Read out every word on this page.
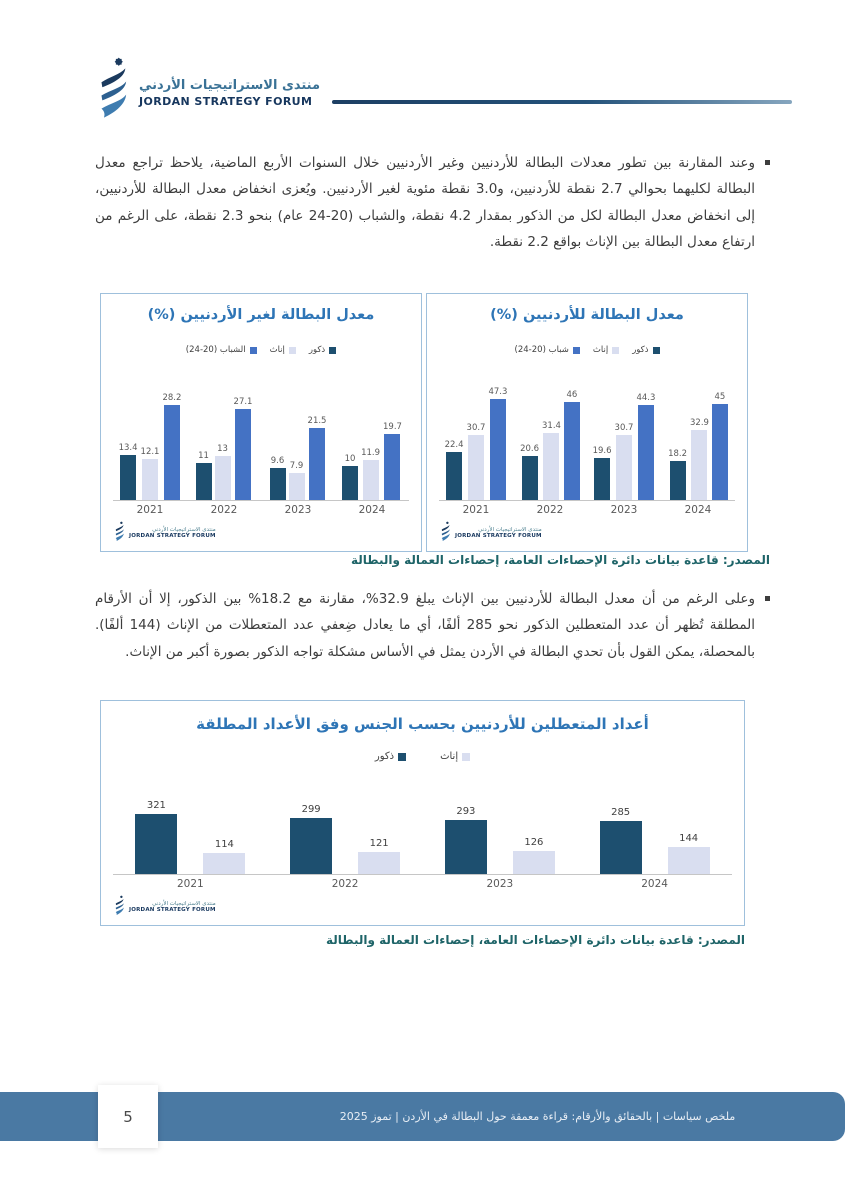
منتدى الاستراتيجيات الأردني
JORDAN STRATEGY FORUM
وعند المقارنة بين تطور معدلات البطالة للأردنيين وغير الأردنيين خلال السنوات الأربع الماضية، يلاحظ تراجع معدل البطالة لكليهما بحوالي 2.7 نقطة للأردنيين، و3.0 نقطة مئوية لغير الأردنيين. ويُعزى انخفاض معدل البطالة للأردنيين، إلى انخفاض معدل البطالة لكل من الذكور بمقدار 4.2 نقطة، والشباب (20-24 عام) بنحو 2.3 نقطة، على الرغم من ارتفاع معدل البطالة بين الإناث بواقع 2.2 نقطة.
معدل البطالة لغير الأردنيين (%)
ذكور
إناث
الشباب (20-24)
13.4 12.1
28.2
11
13
27.1
9.6 7.9
21.5
10
11.9
19.7
2021	2022	2023	2024
منتدى الاستراتيجيات الأردني
JORDAN STRATEGY FORUM
معدل البطالة للأردنيين (%)
ذكور
إناث
شباب (20-24)
22.4
30.7
47.3
20.6
31.4
46
19.6
30.7
44.3
18.2
32.9
45
2021	2022	2023	2024
منتدى الاستراتيجيات الأردني
JORDAN STRATEGY FORUM
المصدر: قاعدة بيانات دائرة الإحصاءات العامة، إحصاءات العمالة والبطالة
وعلى الرغم من أن معدل البطالة للأردنيين بين الإناث يبلغ 32.9%، مقارنة مع 18.2% بين الذكور، إلا أن الأرقام المطلقة تُظهر أن عدد المتعطلين الذكور نحو 285 ألفًا، أي ما يعادل ضِعفي عدد المتعطلات من الإناث (144 ألفًا). بالمحصلة، يمكن القول بأن تحدي البطالة في الأردن يمثل في الأساس مشكلة تواجه الذكور بصورة أكبر من الإناث.
أعداد المتعطلين للأردنيين بحسب الجنس وفق الأعداد المطلقة
إناث
ذكور
321
114
299
121
293
126
285
144
2021	2022	2023	2024
منتدى الاستراتيجيات الأردني
JORDAN STRATEGY FORUM
المصدر: قاعدة بيانات دائرة الإحصاءات العامة، إحصاءات العمالة والبطالة
ملخص سياسات | بالحقائق والأرقام: قراءة معمقة حول البطالة في الأردن | تموز 2025
5
